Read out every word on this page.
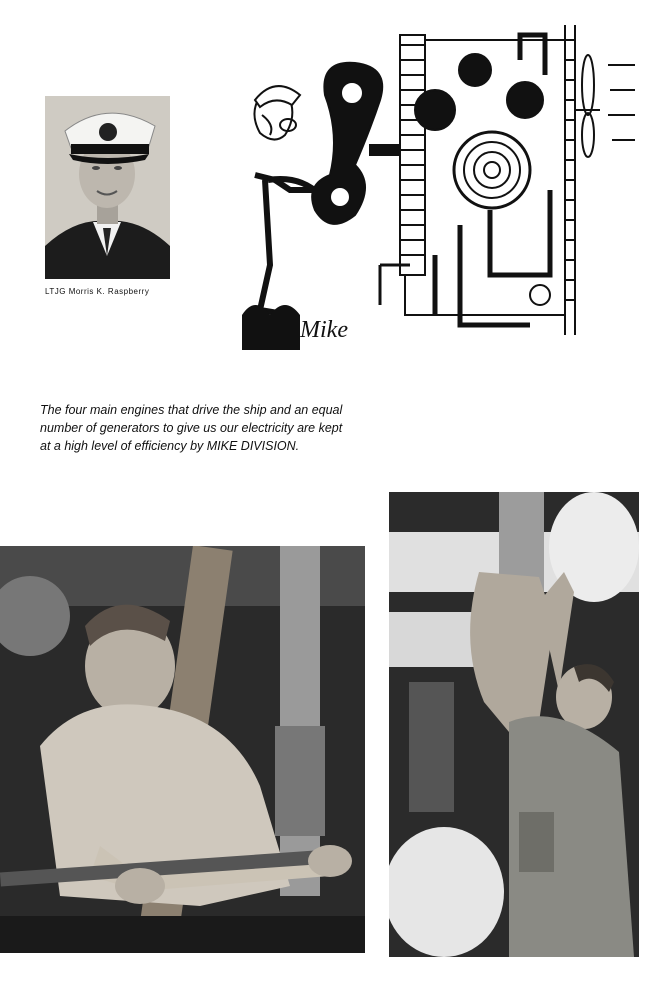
LTJG Morris K. Raspberry
Mike
The four main engines that drive the ship and an equal number of generators to give us our electricity are kept at a high level of efficiency by MIKE DIVISION.
